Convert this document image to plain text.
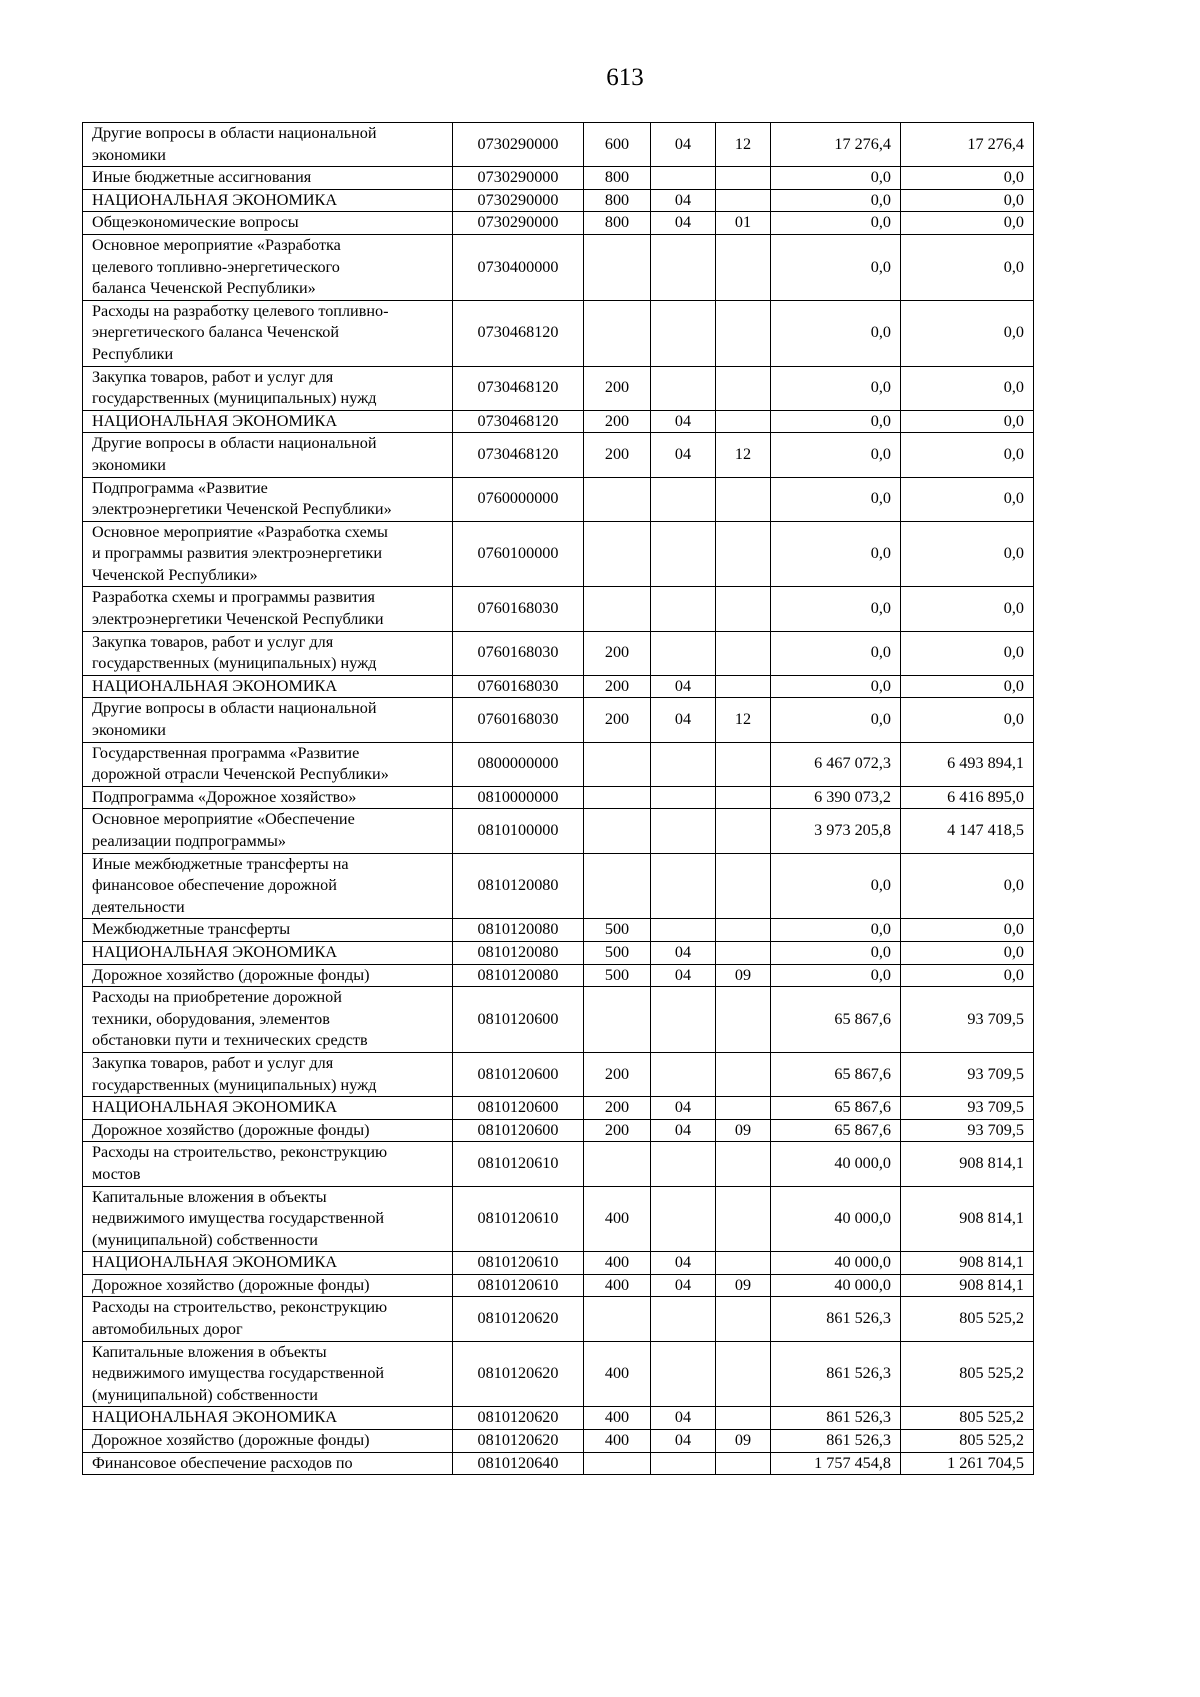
613
Другие вопросы в области национальной
экономики	0730290000	600	04	12	17 276,4	17 276,4
Иные бюджетные ассигнования	0730290000	800			0,0	0,0
НАЦИОНАЛЬНАЯ ЭКОНОМИКА	0730290000	800	04		0,0	0,0
Общеэкономические вопросы	0730290000	800	04	01	0,0	0,0
Основное мероприятие «Разработка
целевого топливно-энергетического
баланса Чеченской Республики»	0730400000				0,0	0,0
Расходы на разработку целевого топливно-
энергетического баланса Чеченской
Республики	0730468120				0,0	0,0
Закупка товаров, работ и услуг для
государственных (муниципальных) нужд	0730468120	200			0,0	0,0
НАЦИОНАЛЬНАЯ ЭКОНОМИКА	0730468120	200	04		0,0	0,0
Другие вопросы в области национальной
экономики	0730468120	200	04	12	0,0	0,0
Подпрограмма «Развитие
электроэнергетики Чеченской Республики»	0760000000				0,0	0,0
Основное мероприятие «Разработка схемы
и программы развития электроэнергетики
Чеченской Республики»	0760100000				0,0	0,0
Разработка схемы и программы развития
электроэнергетики Чеченской Республики	0760168030				0,0	0,0
Закупка товаров, работ и услуг для
государственных (муниципальных) нужд	0760168030	200			0,0	0,0
НАЦИОНАЛЬНАЯ ЭКОНОМИКА	0760168030	200	04		0,0	0,0
Другие вопросы в области национальной
экономики	0760168030	200	04	12	0,0	0,0
Государственная программа «Развитие
дорожной отрасли Чеченской Республики»	0800000000				6 467 072,3	6 493 894,1
Подпрограмма «Дорожное хозяйство»	0810000000				6 390 073,2	6 416 895,0
Основное мероприятие «Обеспечение
реализации подпрограммы»	0810100000				3 973 205,8	4 147 418,5
Иные межбюджетные трансферты на
финансовое обеспечение дорожной
деятельности	0810120080				0,0	0,0
Межбюджетные трансферты	0810120080	500			0,0	0,0
НАЦИОНАЛЬНАЯ ЭКОНОМИКА	0810120080	500	04		0,0	0,0
Дорожное хозяйство (дорожные фонды)	0810120080	500	04	09	0,0	0,0
Расходы на приобретение дорожной
техники, оборудования, элементов
обстановки пути и технических средств	0810120600				65 867,6	93 709,5
Закупка товаров, работ и услуг для
государственных (муниципальных) нужд	0810120600	200			65 867,6	93 709,5
НАЦИОНАЛЬНАЯ ЭКОНОМИКА	0810120600	200	04		65 867,6	93 709,5
Дорожное хозяйство (дорожные фонды)	0810120600	200	04	09	65 867,6	93 709,5
Расходы на строительство, реконструкцию
мостов	0810120610				40 000,0	908 814,1
Капитальные вложения в объекты
недвижимого имущества государственной
(муниципальной) собственности	0810120610	400			40 000,0	908 814,1
НАЦИОНАЛЬНАЯ ЭКОНОМИКА	0810120610	400	04		40 000,0	908 814,1
Дорожное хозяйство (дорожные фонды)	0810120610	400	04	09	40 000,0	908 814,1
Расходы на строительство, реконструкцию
автомобильных дорог	0810120620				861 526,3	805 525,2
Капитальные вложения в объекты
недвижимого имущества государственной
(муниципальной) собственности	0810120620	400			861 526,3	805 525,2
НАЦИОНАЛЬНАЯ ЭКОНОМИКА	0810120620	400	04		861 526,3	805 525,2
Дорожное хозяйство (дорожные фонды)	0810120620	400	04	09	861 526,3	805 525,2
Финансовое обеспечение расходов по	0810120640				1 757 454,8	1 261 704,5
